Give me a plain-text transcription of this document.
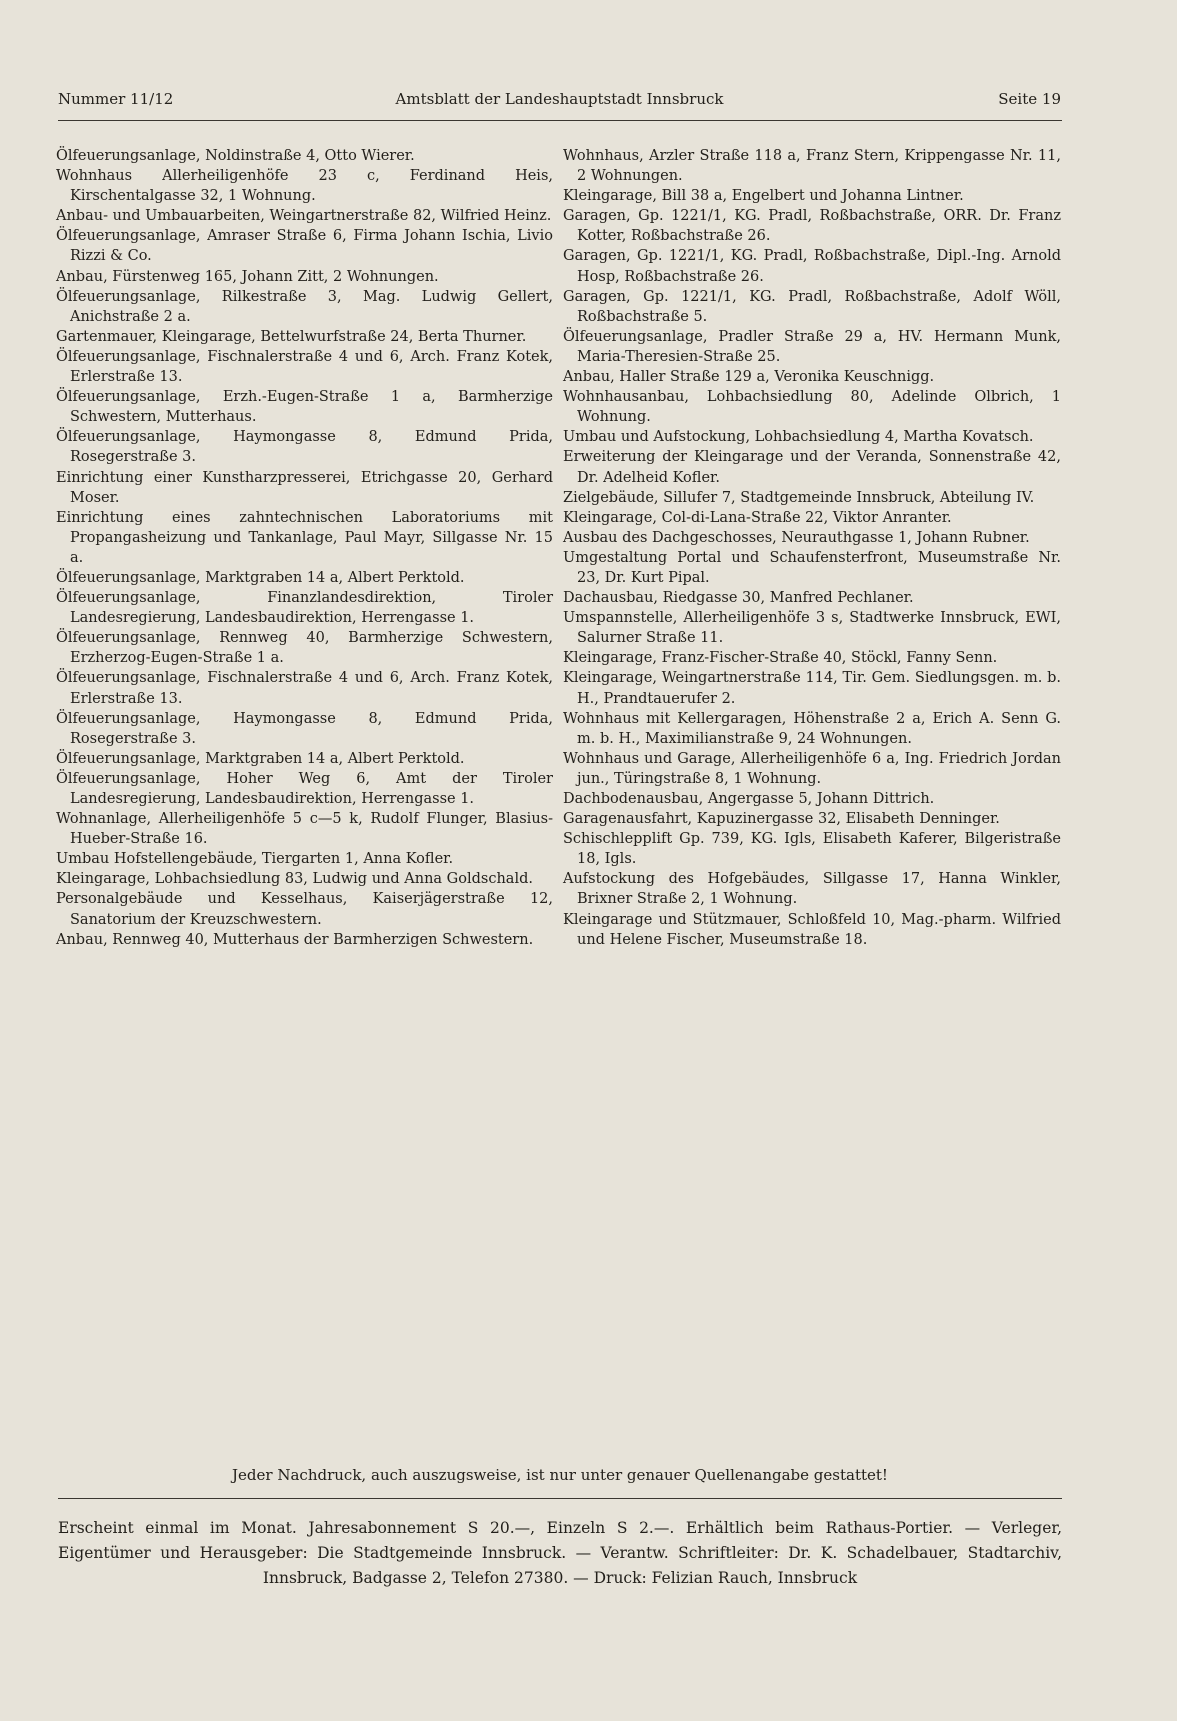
Nummer 11/12	Amtsblatt der Landeshauptstadt Innsbruck	Seite 19

Ölfeuerungsanlage, Noldinstraße 4, Otto Wierer.

Wohnhaus Allerheiligenhöfe 23 c, Ferdinand Heis, Kirschentalgasse 32, 1 Wohnung.

Anbau- und Umbauarbeiten, Weingartnerstraße 82, Wilfried Heinz.

Ölfeuerungsanlage, Amraser Straße 6, Firma Johann Ischia, Livio Rizzi & Co.

Anbau, Fürstenweg 165, Johann Zitt, 2 Wohnungen.

Ölfeuerungsanlage, Rilkestraße 3, Mag. Ludwig Gellert, Anichstraße 2 a.

Gartenmauer, Kleingarage, Bettelwurfstraße 24, Berta Thurner.

Ölfeuerungsanlage, Fischnalerstraße 4 und 6, Arch. Franz Kotek, Erlerstraße 13.

Ölfeuerungsanlage, Erzh.-Eugen-Straße 1 a, Barmherzige Schwestern, Mutterhaus.

Ölfeuerungsanlage, Haymongasse 8, Edmund Prida, Rosegerstraße 3.

Einrichtung einer Kunstharzpresserei, Etrichgasse 20, Gerhard Moser.

Einrichtung eines zahntechnischen Laboratoriums mit Propangasheizung und Tankanlage, Paul Mayr, Sillgasse Nr. 15 a.

Ölfeuerungsanlage, Marktgraben 14 a, Albert Perktold.

Ölfeuerungsanlage, Finanzlandesdirektion, Tiroler Landesregierung, Landesbaudirektion, Herrengasse 1.

Ölfeuerungsanlage, Rennweg 40, Barmherzige Schwestern, Erzherzog-Eugen-Straße 1 a.

Ölfeuerungsanlage, Fischnalerstraße 4 und 6, Arch. Franz Kotek, Erlerstraße 13.

Ölfeuerungsanlage, Haymongasse 8, Edmund Prida, Rosegerstraße 3.

Ölfeuerungsanlage, Marktgraben 14 a, Albert Perktold.

Ölfeuerungsanlage, Hoher Weg 6, Amt der Tiroler Landesregierung, Landesbaudirektion, Herrengasse 1.

Wohnanlage, Allerheiligenhöfe 5 c—5 k, Rudolf Flunger, Blasius-Hueber-Straße 16.

Umbau Hofstellengebäude, Tiergarten 1, Anna Kofler.

Kleingarage, Lohbachsiedlung 83, Ludwig und Anna Goldschald.

Personalgebäude und Kesselhaus, Kaiserjägerstraße 12, Sanatorium der Kreuzschwestern.

Anbau, Rennweg 40, Mutterhaus der Barmherzigen Schwestern.

Wohnhaus, Arzler Straße 118 a, Franz Stern, Krippengasse Nr. 11, 2 Wohnungen.

Kleingarage, Bill 38 a, Engelbert und Johanna Lintner.

Garagen, Gp. 1221/1, KG. Pradl, Roßbachstraße, ORR. Dr. Franz Kotter, Roßbachstraße 26.

Garagen, Gp. 1221/1, KG. Pradl, Roßbachstraße, Dipl.-Ing. Arnold Hosp, Roßbachstraße 26.

Garagen, Gp. 1221/1, KG. Pradl, Roßbachstraße, Adolf Wöll, Roßbachstraße 5.

Ölfeuerungsanlage, Pradler Straße 29 a, HV. Hermann Munk, Maria-Theresien-Straße 25.

Anbau, Haller Straße 129 a, Veronika Keuschnigg.

Wohnhausanbau, Lohbachsiedlung 80, Adelinde Olbrich, 1 Wohnung.

Umbau und Aufstockung, Lohbachsiedlung 4, Martha Kovatsch.

Erweiterung der Kleingarage und der Veranda, Sonnenstraße 42, Dr. Adelheid Kofler.

Zielgebäude, Sillufer 7, Stadtgemeinde Innsbruck, Abteilung IV.

Kleingarage, Col-di-Lana-Straße 22, Viktor Anranter.

Ausbau des Dachgeschosses, Neurauthgasse 1, Johann Rubner.

Umgestaltung Portal und Schaufensterfront, Museumstraße Nr. 23, Dr. Kurt Pipal.

Dachausbau, Riedgasse 30, Manfred Pechlaner.

Umspannstelle, Allerheiligenhöfe 3 s, Stadtwerke Innsbruck, EWI, Salurner Straße 11.

Kleingarage, Franz-Fischer-Straße 40, Stöckl, Fanny Senn.

Kleingarage, Weingartnerstraße 114, Tir. Gem. Siedlungsgen. m. b. H., Prandtauerufer 2.

Wohnhaus mit Kellergaragen, Höhenstraße 2 a, Erich A. Senn G. m. b. H., Maximilianstraße 9, 24 Wohnungen.

Wohnhaus und Garage, Allerheiligenhöfe 6 a, Ing. Friedrich Jordan jun., Türingstraße 8, 1 Wohnung.

Dachbodenausbau, Angergasse 5, Johann Dittrich.

Garagenausfahrt, Kapuzinergasse 32, Elisabeth Denninger.

Schischlepplift Gp. 739, KG. Igls, Elisabeth Kaferer, Bilgeristraße 18, Igls.

Aufstockung des Hofgebäudes, Sillgasse 17, Hanna Winkler, Brixner Straße 2, 1 Wohnung.

Kleingarage und Stützmauer, Schloßfeld 10, Mag.-pharm. Wilfried und Helene Fischer, Museumstraße 18.

Jeder Nachdruck, auch auszugsweise, ist nur unter genauer Quellenangabe gestattet!
Erscheint einmal im Monat. Jahresabonnement S 20.—, Einzeln S 2.—. Erhältlich beim Rathaus-Portier. — Verleger,
Eigentümer und Herausgeber: Die Stadtgemeinde Innsbruck. — Verantw. Schriftleiter: Dr. K. Schadelbauer, Stadtarchiv,
Innsbruck, Badgasse 2, Telefon 27380. — Druck: Felizian Rauch, Innsbruck
